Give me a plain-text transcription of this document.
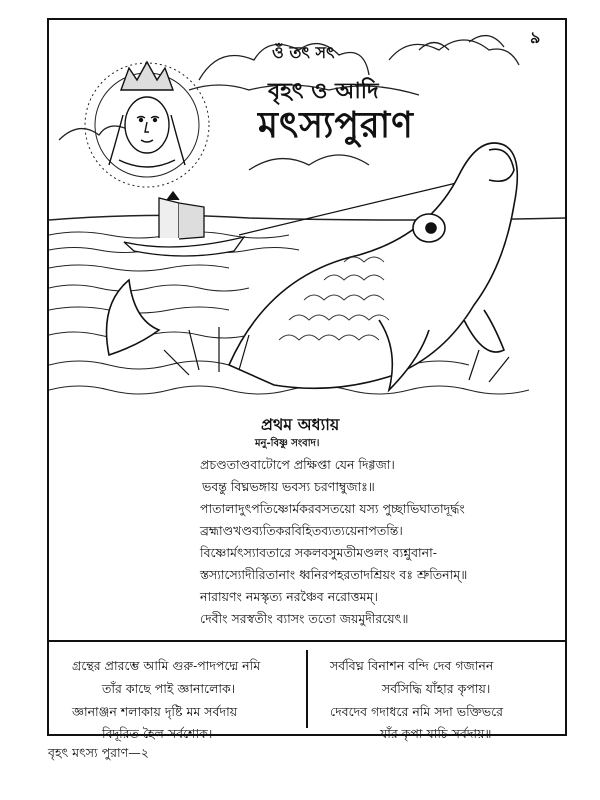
ওঁ তৎ সৎ
৯
বৃহৎ ও আদি
মৎস্যপুরাণ
প্রথম অধ্যায়
মনু-বিষ্ণু সংবাদ।
প্রচণ্ডতাণ্ডবাটোপে প্রক্ষিপ্তা যেন দিগ্গজা।
ভবন্তু বিঘ্নভঙ্গায় ভবস্য চরণাম্বুজাঃ॥
পাতালাদুৎপতিষ্ণোর্মকরবসতয়ো যস্য পুচ্ছাভিঘাতাদূর্দ্ধং
ব্রহ্মাণ্ডখণ্ডব্যতিকরবিহিতব্যত্যয়েনাপতন্তি।
বিষ্ণোর্মৎস্যাবতারে সকলবসুমতীমণ্ডলং ব্যশ্নুবানা-
স্তস্যাস্যোদীরিতানাং ধ্বনিরপহরতাদশ্রিয়ং বঃ শ্রুতিনাম্॥
নারায়ণং নমস্কৃত্য নরঞ্চৈব নরোত্তমম্।
দেবীং সরস্বতীং ব্যাসং ততো জয়মুদীরয়েৎ॥
গ্রন্থের প্রারম্ভে আমি গুরু-পাদপদ্মে নমি
তাঁর কাছে পাই জ্ঞানালোক।
জ্ঞানাঞ্জন শলাকায় দৃষ্টি মম সর্বদায়
বিদূরিত হৈল সর্বশোক।
সর্ববিঘ্ন বিনাশন বন্দি দেব গজানন
সর্বসিদ্ধি যাঁহার কৃপায়।
দেবদেব গদাধরে নমি সদা ভক্তিভরে
যাঁর কৃপা যাচি সর্বদায়॥
বৃহৎ মৎস্য পুরাণ—২
